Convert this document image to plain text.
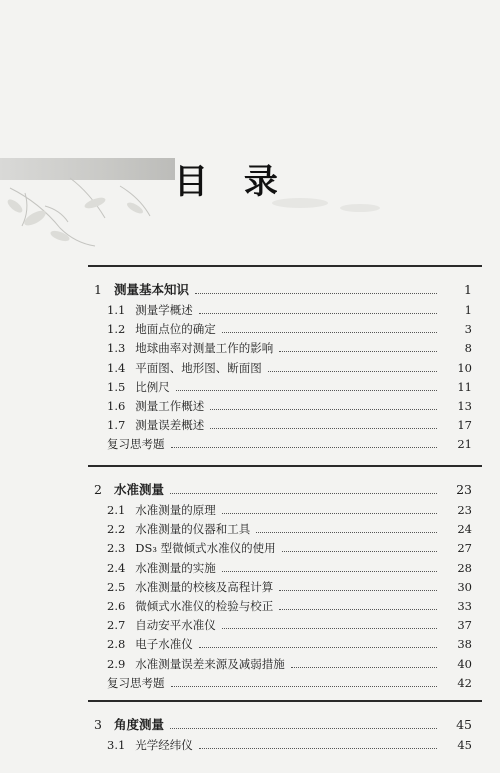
目 录
1 测量基本知识	1
1.1 测量学概述	1
1.2 地面点位的确定	3
1.3 地球曲率对测量工作的影响	8
1.4 平面图、地形图、断面图	10
1.5 比例尺	11
1.6 测量工作概述	13
1.7 测量误差概述	17
复习思考题	21
2 水准测量	23
2.1 水准测量的原理	23
2.2 水准测量的仪器和工具	24
2.3 DS₃ 型微倾式水准仪的使用	27
2.4 水准测量的实施	28
2.5 水准测量的校核及高程计算	30
2.6 微倾式水准仪的检验与校正	33
2.7 自动安平水准仪	37
2.8 电子水准仪	38
2.9 水准测量误差来源及减弱措施	40
复习思考题	42
3 角度测量	45
3.1 光学经纬仪	45
